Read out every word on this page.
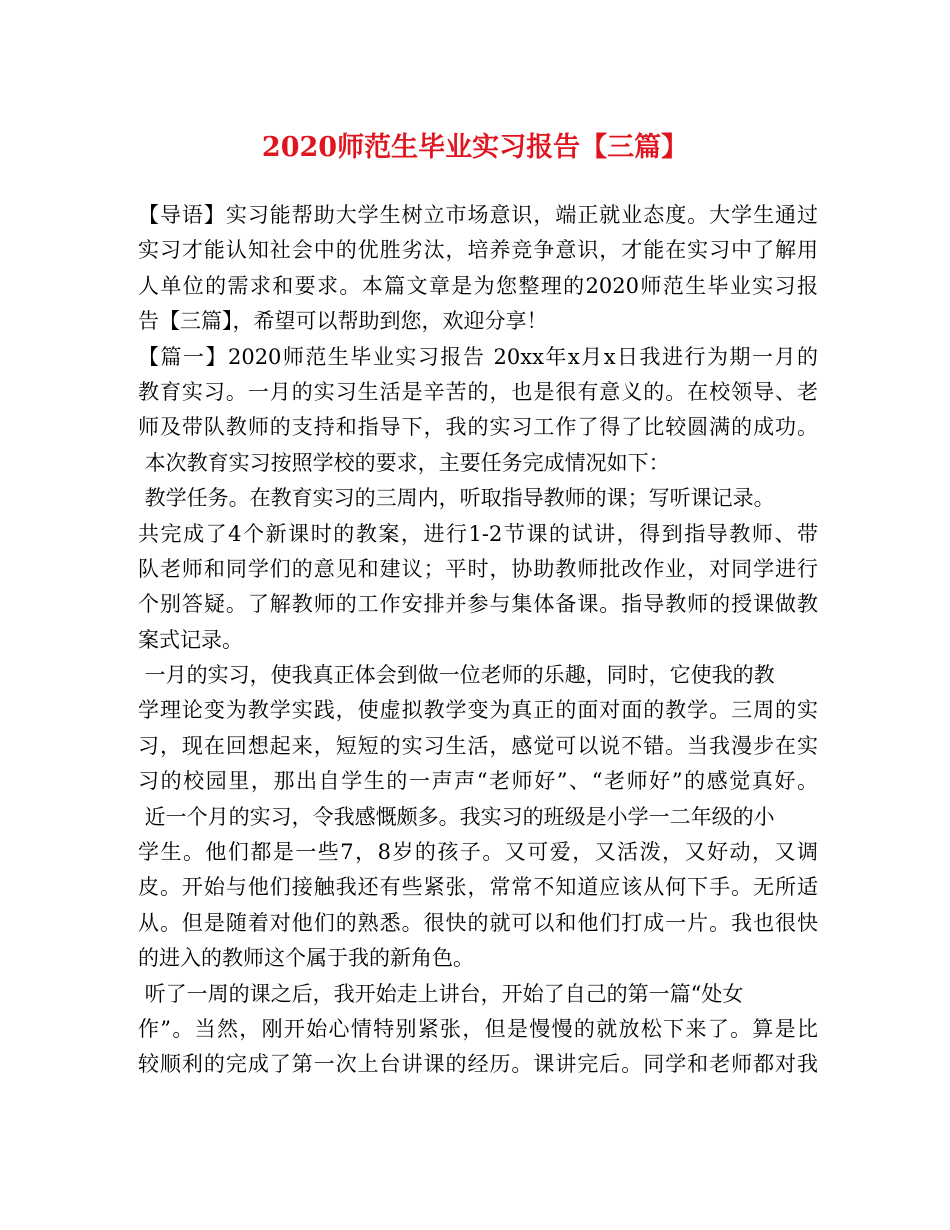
2020师范生毕业实习报告【三篇】
【导语】实习能帮助大学生树立市场意识，端正就业态度。大学生通过
实习才能认知社会中的优胜劣汰，培养竞争意识，才能在实习中了解用
人单位的需求和要求。本篇文章是为您整理的2020师范生毕业实习报
告【三篇】，希望可以帮助到您，欢迎分享！
【篇一】2020师范生毕业实习报告 20xx年x月x日我进行为期一月的
教育实习。一月的实习生活是辛苦的，也是很有意义的。在校领导、老
师及带队教师的支持和指导下，我的实习工作了得了比较圆满的成功。
本次教育实习按照学校的要求，主要任务完成情况如下：
教学任务。在教育实习的三周内，听取指导教师的课；写听课记录。
共完成了4个新课时的教案，进行1-2节课的试讲，得到指导教师、带
队老师和同学们的意见和建议；平时，协助教师批改作业，对同学进行
个别答疑。了解教师的工作安排并参与集体备课。指导教师的授课做教
案式记录。
一月的实习，使我真正体会到做一位老师的乐趣，同时，它使我的教
学理论变为教学实践，使虚拟教学变为真正的面对面的教学。三周的实
习，现在回想起来，短短的实习生活，感觉可以说不错。当我漫步在实
习的校园里，那出自学生的一声声“老师好”、“老师好”的感觉真好。
近一个月的实习，令我感慨颇多。我实习的班级是小学一二年级的小
学生。他们都是一些7，8岁的孩子。又可爱，又活泼，又好动，又调
皮。开始与他们接触我还有些紧张，常常不知道应该从何下手。无所适
从。但是随着对他们的熟悉。很快的就可以和他们打成一片。我也很快
的进入的教师这个属于我的新角色。
听了一周的课之后，我开始走上讲台，开始了自己的第一篇“处女
作”。当然，刚开始心情特别紧张，但是慢慢的就放松下来了。算是比
较顺利的完成了第一次上台讲课的经历。课讲完后。同学和老师都对我
